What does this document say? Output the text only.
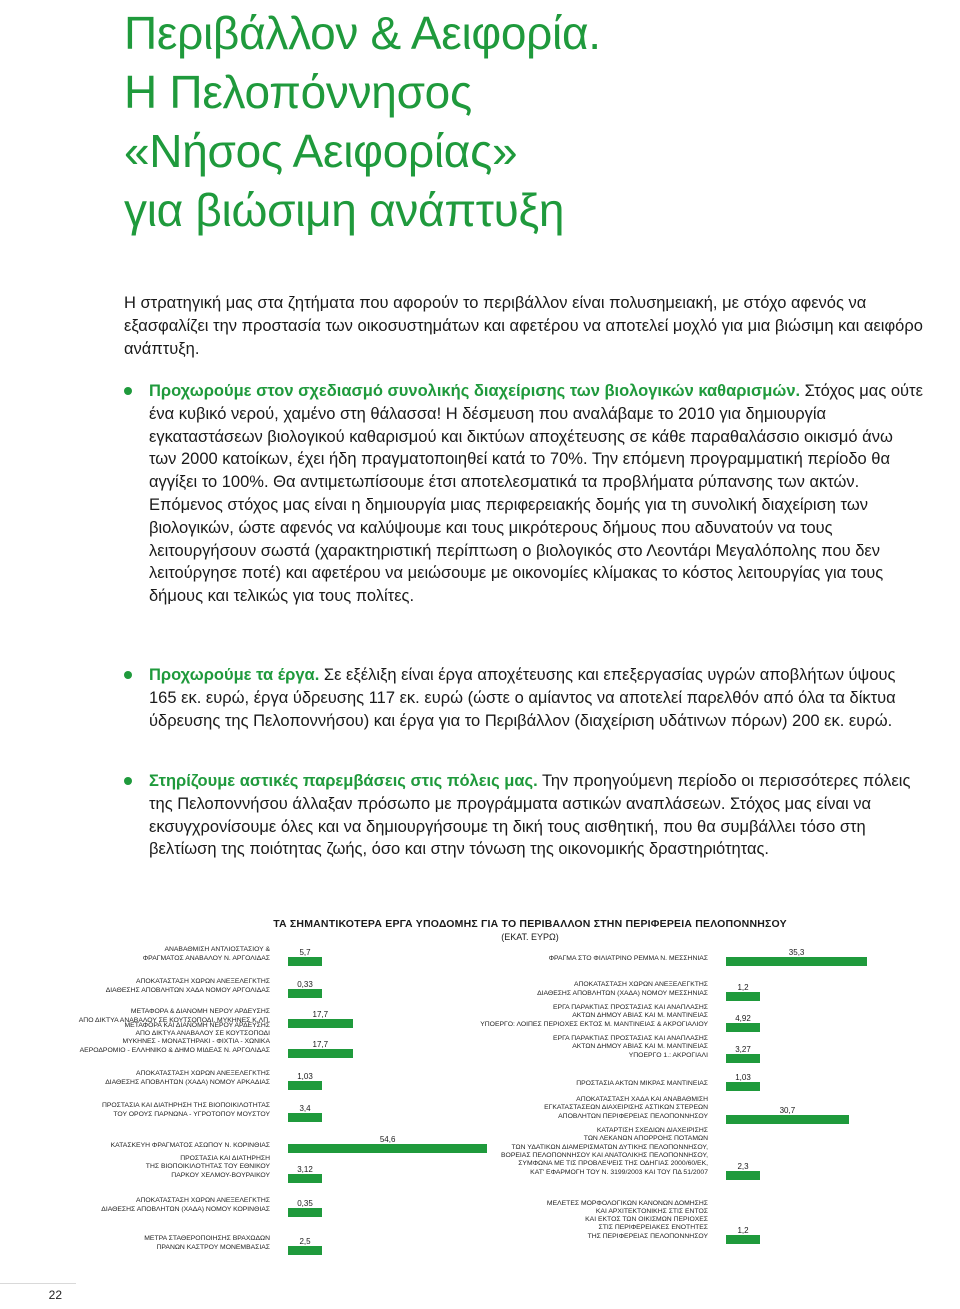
Περιβάλλον & Αειφορία.
Η Πελοπόννησος
«Νήσος Αειφορίας»
για βιώσιμη ανάπτυξη

Η στρατηγική μας στα ζητήματα που αφορούν το περιβάλλον είναι πολυσημειακή, με στόχο αφενός να εξασφαλίζει την προστασία των οικοσυστημάτων και αφετέρου να αποτελεί μοχλό για μια βιώσιμη και αειφόρο ανάπτυξη.

Προχωρούμε στον σχεδιασμό συνολικής διαχείρισης των βιολογικών καθαρισμών. Στόχος μας ούτε ένα κυβικό νερού, χαμένο στη θάλασσα! Η δέσμευση που αναλάβαμε το 2010 για δημιουργία εγκαταστάσεων βιολογικού καθαρισμού και δικτύων αποχέτευσης σε κάθε παραθαλάσσιο οικισμό άνω των 2000 κατοίκων, έχει ήδη πραγματοποιηθεί κατά το 70%. Την επόμενη προγραμματική περίοδο θα αγγίξει το 100%. Θα αντιμετωπίσουμε έτσι αποτελεσματικά τα προβλήματα ρύπανσης των ακτών. Επόμενος στόχος μας είναι η δημιουργία μιας περιφερειακής δομής για τη συνολική διαχείριση των βιολογικών, ώστε αφενός να καλύψουμε και τους μικρότερους δήμους που αδυνατούν να τους λειτουργήσουν σωστά (χαρακτηριστική περίπτωση ο βιολογικός στο Λεοντάρι Μεγαλόπολης που δεν λειτούργησε ποτέ) και αφετέρου να μειώσουμε με οικονομίες κλίμακας το κόστος λειτουργίας για τους δήμους και τελικώς για τους πολίτες.

Προχωρούμε τα έργα. Σε εξέλιξη είναι έργα αποχέτευσης και επεξεργασίας υγρών αποβλήτων ύψους 165 εκ. ευρώ, έργα ύδρευσης 117 εκ. ευρώ (ώστε ο αμίαντος να αποτελεί παρελθόν από όλα τα δίκτυα ύδρευσης της Πελοποννήσου) και έργα για το Περιβάλλον (διαχείριση υδάτινων πόρων) 200 εκ. ευρώ.

Στηρίζουμε αστικές παρεμβάσεις στις πόλεις μας. Την προηγούμενη περίοδο οι περισσότερες πόλεις της Πελοποννήσου άλλαξαν πρόσωπο με προγράμματα αστικών αναπλάσεων. Στόχος μας είναι να εκσυγχρονίσουμε όλες και να δημιουργήσουμε τη δική τους αισθητική, που θα συμβάλλει τόσο στη βελτίωση της ποιότητας ζωής, όσο και στην τόνωση της οικονομικής δραστηριότητας.

ΤΑ ΣΗΜΑΝΤΙΚΟΤΕΡΑ ΕΡΓΑ ΥΠΟΔΟΜΗΣ ΓΙΑ ΤΟ ΠΕΡΙΒΑΛΛΟΝ ΣΤΗΝ ΠΕΡΙΦΕΡΕΙΑ ΠΕΛΟΠΟΝΝΗΣΟΥ
(ΕΚΑΤ. ΕΥΡΩ)
ΑΝΑΒΑΘΜΙΣΗ ΑΝΤΛΙΟΣΤΑΣΙΟΥ &
ΦΡΑΓΜΑΤΟΣ ΑΝΑΒΑΛΟΥ Ν. ΑΡΓΟΛΙΔΑΣ
5,7
ΑΠΟΚΑΤΑΣΤΑΣΗ ΧΩΡΩΝ ΑΝΕΞΕΛΕΓΚΤΗΣ
ΔΙΑΘΕΣΗΣ ΑΠΟΒΛΗΤΩΝ ΧΑΔΑ ΝΟΜΟΥ ΑΡΓΟΛΙΔΑΣ
0,33
ΜΕΤΑΦΟΡΑ & ΔΙΑΝΟΜΗ ΝΕΡΟΥ ΑΡΔΕΥΣΗΣ
ΑΠΟ ΔΙΚΤΥΑ ΑΝΑΒΑΛΟΥ ΣΕ ΚΟΥΤΣΟΠΟΔΙ, ΜΥΚΗΝΕΣ Κ.ΛΠ.
17,7
ΜΕΤΑΦΟΡΑ ΚΑΙ ΔΙΑΝΟΜΗ ΝΕΡΟΥ ΑΡΔΕΥΣΗΣ
ΑΠΟ ΔΙΚΤΥΑ ΑΝΑΒΑΛΟΥ ΣΕ ΚΟΥΤΣΟΠΟΔΙ
ΜΥΚΗΝΕΣ - ΜΟΝΑΣΤΗΡΑΚΙ - ΦΙΧΤΙΑ - ΧΩΝΙΚΑ
ΑΕΡΟΔΡΟΜΙΟ - ΕΛΛΗΝΙΚΟ & ΔΗΜΟ ΜΙΔΕΑΣ Ν. ΑΡΓΟΛΙΔΑΣ
17,7
ΑΠΟΚΑΤΑΣΤΑΣΗ ΧΩΡΩΝ ΑΝΕΞΕΛΕΓΚΤΗΣ
ΔΙΑΘΕΣΗΣ ΑΠΟΒΛΗΤΩΝ (ΧΑΔΑ) ΝΟΜΟΥ ΑΡΚΑΔΙΑΣ
1,03
ΠΡΟΣΤΑΣΙΑ ΚΑΙ ΔΙΑΤΗΡΗΣΗ ΤΗΣ ΒΙΟΠΟΙΚΙΛΟΤΗΤΑΣ
ΤΟΥ ΟΡΟΥΣ ΠΑΡΝΩΝΑ - ΥΓΡΟΤΟΠΟΥ ΜΟΥΣΤΟΥ
3,4
ΚΑΤΑΣΚΕΥΗ ΦΡΑΓΜΑΤΟΣ ΑΣΩΠΟΥ Ν. ΚΟΡΙΝΘΙΑΣ
54,6
ΠΡΟΣΤΑΣΙΑ ΚΑΙ ΔΙΑΤΗΡΗΣΗ
ΤΗΣ ΒΙΟΠΟΙΚΙΛΟΤΗΤΑΣ ΤΟΥ ΕΘΝΙΚΟΥ
ΠΑΡΚΟΥ ΧΕΛΜΟΥ-ΒΟΥΡΑΙΚΟΥ
3,12
ΑΠΟΚΑΤΑΣΤΑΣΗ ΧΩΡΩΝ ΑΝΕΞΕΛΕΓΚΤΗΣ
ΔΙΑΘΕΣΗΣ ΑΠΟΒΛΗΤΩΝ (ΧΑΔΑ) ΝΟΜΟΥ ΚΟΡΙΝΘΙΑΣ
0,35
ΜΕΤΡΑ ΣΤΑΘΕΡΟΠΟΙΗΣΗΣ ΒΡΑΧΩΔΩΝ
ΠΡΑΝΩΝ ΚΑΣΤΡΟΥ ΜΟΝΕΜΒΑΣΙΑΣ
2,5
ΦΡΑΓΜΑ ΣΤΟ ΦΙΛΙΑΤΡΙΝΟ ΡΕΜΜΑ Ν. ΜΕΣΣΗΝΙΑΣ
35,3
ΑΠΟΚΑΤΑΣΤΑΣΗ ΧΩΡΩΝ ΑΝΕΞΕΛΕΓΚΤΗΣ
ΔΙΑΘΕΣΗΣ ΑΠΟΒΛΗΤΩΝ (ΧΑΔΑ) ΝΟΜΟΥ ΜΕΣΣΗΝΙΑΣ
1,2
ΕΡΓΑ ΠΑΡΑΚΤΙΑΣ ΠΡΟΣΤΑΣΙΑΣ ΚΑΙ ΑΝΑΠΛΑΣΗΣ
ΑΚΤΩΝ ΔΗΜΟΥ ΑΒΙΑΣ ΚΑΙ Μ. ΜΑΝΤΙΝΕΙΑΣ
ΥΠΟΕΡΓΟ: ΛΟΙΠΕΣ ΠΕΡΙΟΧΕΣ ΕΚΤΟΣ Μ. ΜΑΝΤΙΝΕΙΑΣ & ΑΚΡΟΓΙΑΛΙΟΥ
4,92
ΕΡΓΑ ΠΑΡΑΚΤΙΑΣ ΠΡΟΣΤΑΣΙΑΣ ΚΑΙ ΑΝΑΠΛΑΣΗΣ
ΑΚΤΩΝ ΔΗΜΟΥ ΑΒΙΑΣ ΚΑΙ Μ. ΜΑΝΤΙΝΕΙΑΣ
ΥΠΟΕΡΓΟ 1.: ΑΚΡΟΓΙΑΛΙ
3,27
ΠΡΟΣΤΑΣΙΑ ΑΚΤΩΝ ΜΙΚΡΑΣ ΜΑΝΤΙΝΕΙΑΣ
1,03
ΑΠΟΚΑΤΑΣΤΑΣΗ ΧΑΔΑ ΚΑΙ ΑΝΑΒΑΘΜΙΣΗ
ΕΓΚΑΤΑΣΤΑΣΕΩΝ ΔΙΑΧΕΙΡΙΣΗΣ ΑΣΤΙΚΩΝ ΣΤΕΡΕΩΝ
ΑΠΟΒΛΗΤΩΝ ΠΕΡΙΦΕΡΕΙΑΣ ΠΕΛΟΠΟΝΝΗΣΟΥ
30,7
ΚΑΤΑΡΤΙΣΗ ΣΧΕΔΙΩΝ ΔΙΑΧΕΙΡΙΣΗΣ
ΤΩΝ ΛΕΚΑΝΩΝ ΑΠΟΡΡΟΗΣ ΠΟΤΑΜΩΝ
ΤΩΝ ΥΔΑΤΙΚΩΝ ΔΙΑΜΕΡΙΣΜΑΤΩΝ ΔΥΤΙΚΗΣ ΠΕΛΟΠΟΝΝΗΣΟΥ,
ΒΟΡΕΙΑΣ ΠΕΛΟΠΟΝΝΗΣΟΥ ΚΑΙ ΑΝΑΤΟΛΙΚΗΣ ΠΕΛΟΠΟΝΝΗΣΟΥ,
ΣΥΜΦΩΝΑ ΜΕ ΤΙΣ ΠΡΟΒΛΕΨΕΙΣ ΤΗΣ ΟΔΗΓΙΑΣ 2000/60/ΕΚ,
ΚΑΤ' ΕΦΑΡΜΟΓΗ ΤΟΥ Ν. 3199/2003 ΚΑΙ ΤΟΥ ΠΔ 51/2007
2,3
ΜΕΛΕΤΕΣ ΜΟΡΦΟΛΟΓΙΚΩΝ ΚΑΝΟΝΩΝ ΔΟΜΗΣΗΣ
ΚΑΙ ΑΡΧΙΤΕΚΤΟΝΙΚΗΣ ΣΤΙΣ ΕΝΤΟΣ
ΚΑΙ ΕΚΤΟΣ ΤΩΝ ΟΙΚΙΣΜΩΝ ΠΕΡΙΟΧΕΣ
ΣΤΙΣ ΠΕΡΙΦΕΡΕΙΑΚΕΣ ΕΝΟΤΗΤΕΣ
ΤΗΣ ΠΕΡΙΦΕΡΕΙΑΣ ΠΕΛΟΠΟΝΝΗΣΟΥ
1,2
22
